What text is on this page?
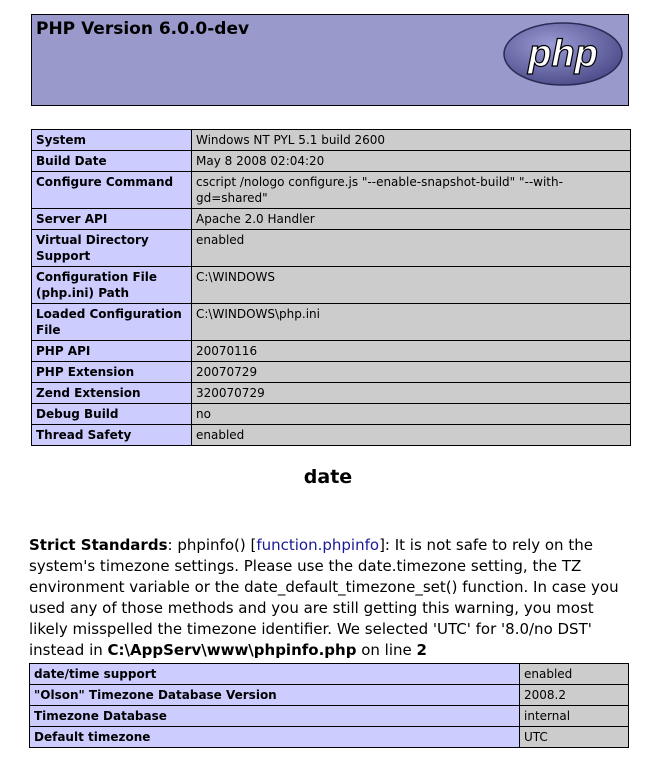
PHP Version 6.0.0-dev
php
System	Windows NT PYL 5.1 build 2600
Build Date	May 8 2008 02:04:20
Configure Command	cscript /nologo configure.js "--enable-snapshot-build" "--with-gd=shared"
Server API	Apache 2.0 Handler
Virtual Directory Support	enabled
Configuration File (php.ini) Path	C:\WINDOWS
Loaded Configuration File	C:\WINDOWS\php.ini
PHP API	20070116
PHP Extension	20070729
Zend Extension	320070729
Debug Build	no
Thread Safety	enabled
date
Strict Standards: phpinfo() [function.phpinfo]: It is not safe to rely on the system's timezone settings. Please use the date.timezone setting, the TZ environment variable or the date_default_timezone_set() function. In case you used any of those methods and you are still getting this warning, you most likely misspelled the timezone identifier. We selected 'UTC' for '8.0/no DST' instead in C:\AppServ\www\phpinfo.php on line 2
date/time support	enabled
"Olson" Timezone Database Version	2008.2
Timezone Database	internal
Default timezone	UTC
